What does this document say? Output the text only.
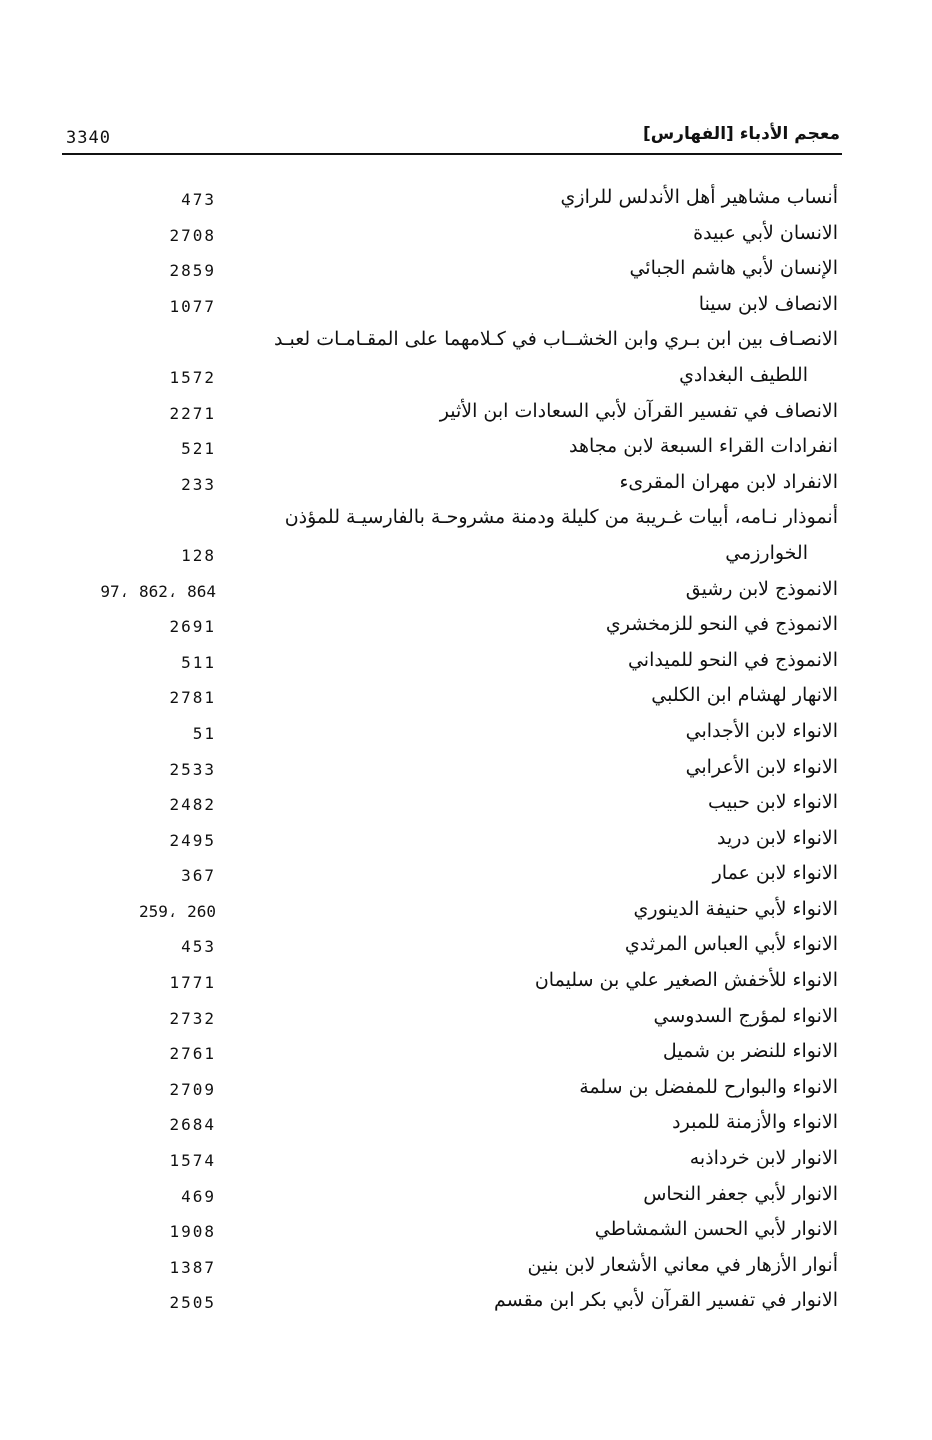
3340	معجم الأدباء [الفهارس]
أنساب مشاهير أهل الأندلس للرازي
473
الانسان لأبي عبيدة
2708
الإنسان لأبي هاشم الجبائي
2859
الانصاف لابن سينا
1077
الانصـاف بين ابن بـري وابن الخشــاب في كـلامهما على المقـامـات لعبـد
اللطيف البغدادي
1572
الانصاف في تفسير القرآن لأبي السعادات ابن الأثير
2271
انفرادات القراء السبعة لابن مجاهد
521
الانفراد لابن مهران المقرىء
233
أنموذار نـامه، أبيات غـريبة من كليلة ودمنة مشروحـة بالفارسيـة للمؤذن
الخوارزمي
128
الانموذج لابن رشيق
97، 862، 864
الانموذج في النحو للزمخشري
2691
الانموذج في النحو للميداني
511
الانهار لهشام ابن الكلبي
2781
الانواء لابن الأجدابي
51
الانواء لابن الأعرابي
2533
الانواء لابن حبيب
2482
الانواء لابن دريد
2495
الانواء لابن عمار
367
الانواء لأبي حنيفة الدينوري
259، 260
الانواء لأبي العباس المرثدي
453
الانواء للأخفش الصغير علي بن سليمان
1771
الانواء لمؤرج السدوسي
2732
الانواء للنضر بن شميل
2761
الانواء والبوارح للمفضل بن سلمة
2709
الانواء والأزمنة للمبرد
2684
الانوار لابن خرداذبه
1574
الانوار لأبي جعفر النحاس
469
الانوار لأبي الحسن الشمشاطي
1908
أنوار الأزهار في معاني الأشعار لابن بنين
1387
الانوار في تفسير القرآن لأبي بكر ابن مقسم
2505
